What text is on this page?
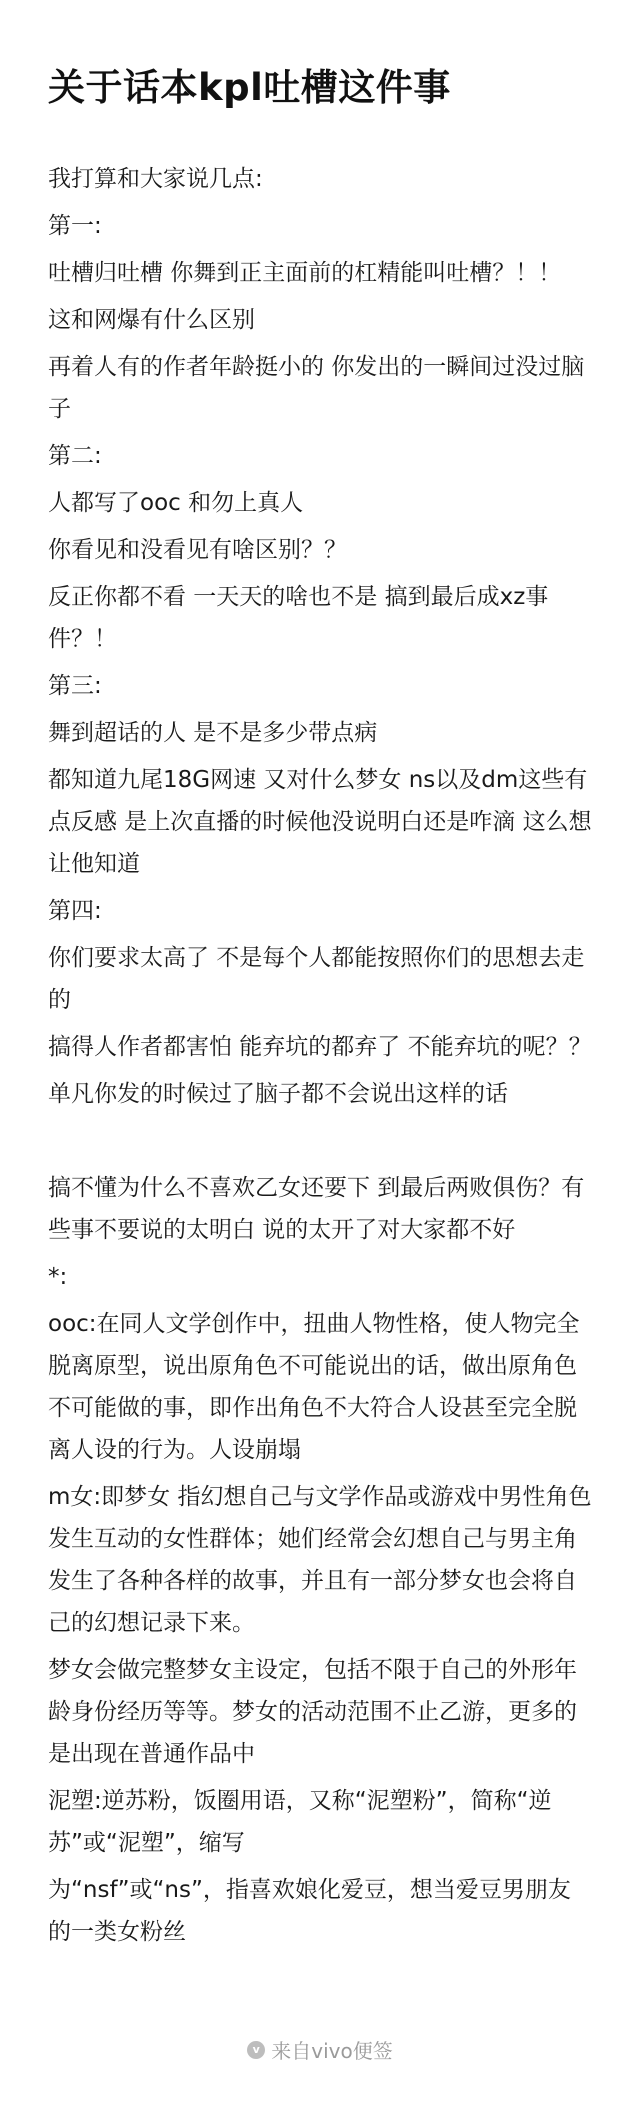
关于话本kpl吐槽这件事
我打算和大家说几点:
第一:
吐槽归吐槽 你舞到正主面前的杠精能叫吐槽？！！
这和网爆有什么区别
再着人有的作者年龄挺小的 你发出的一瞬间过没过脑子
第二:
人都写了ooc 和勿上真人
你看见和没看见有啥区别？？
反正你都不看 一天天的啥也不是 搞到最后成xz事件？！
第三:
舞到超话的人 是不是多少带点病
都知道九尾18G网速 又对什么梦女 ns以及dm这些有点反感 是上次直播的时候他没说明白还是咋滴 这么想让他知道
第四:
你们要求太高了 不是每个人都能按照你们的思想去走的
搞得人作者都害怕 能弃坑的都弃了 不能弃坑的呢？？
单凡你发的时候过了脑子都不会说出这样的话
搞不懂为什么不喜欢乙女还要下 到最后两败俱伤？有些事不要说的太明白 说的太开了对大家都不好
*:
ooc:在同人文学创作中，扭曲人物性格，使人物完全脱离原型，说出原角色不可能说出的话，做出原角色不可能做的事，即作出角色不大符合人设甚至完全脱离人设的行为。人设崩塌
m女:即梦女 指幻想自己与文学作品或游戏中男性角色发生互动的女性群体；她们经常会幻想自己与男主角发生了各种各样的故事，并且有一部分梦女也会将自己的幻想记录下来。
梦女会做完整梦女主设定，包括不限于自己的外形年龄身份经历等等。梦女的活动范围不止乙游，更多的是出现在普通作品中
泥塑:逆苏粉，饭圈用语，又称“泥塑粉”，简称“逆苏”或“泥塑”，缩写
为“nsf”或“ns”，指喜欢娘化爱豆，想当爱豆男朋友的一类女粉丝
v 来自vivo便签
